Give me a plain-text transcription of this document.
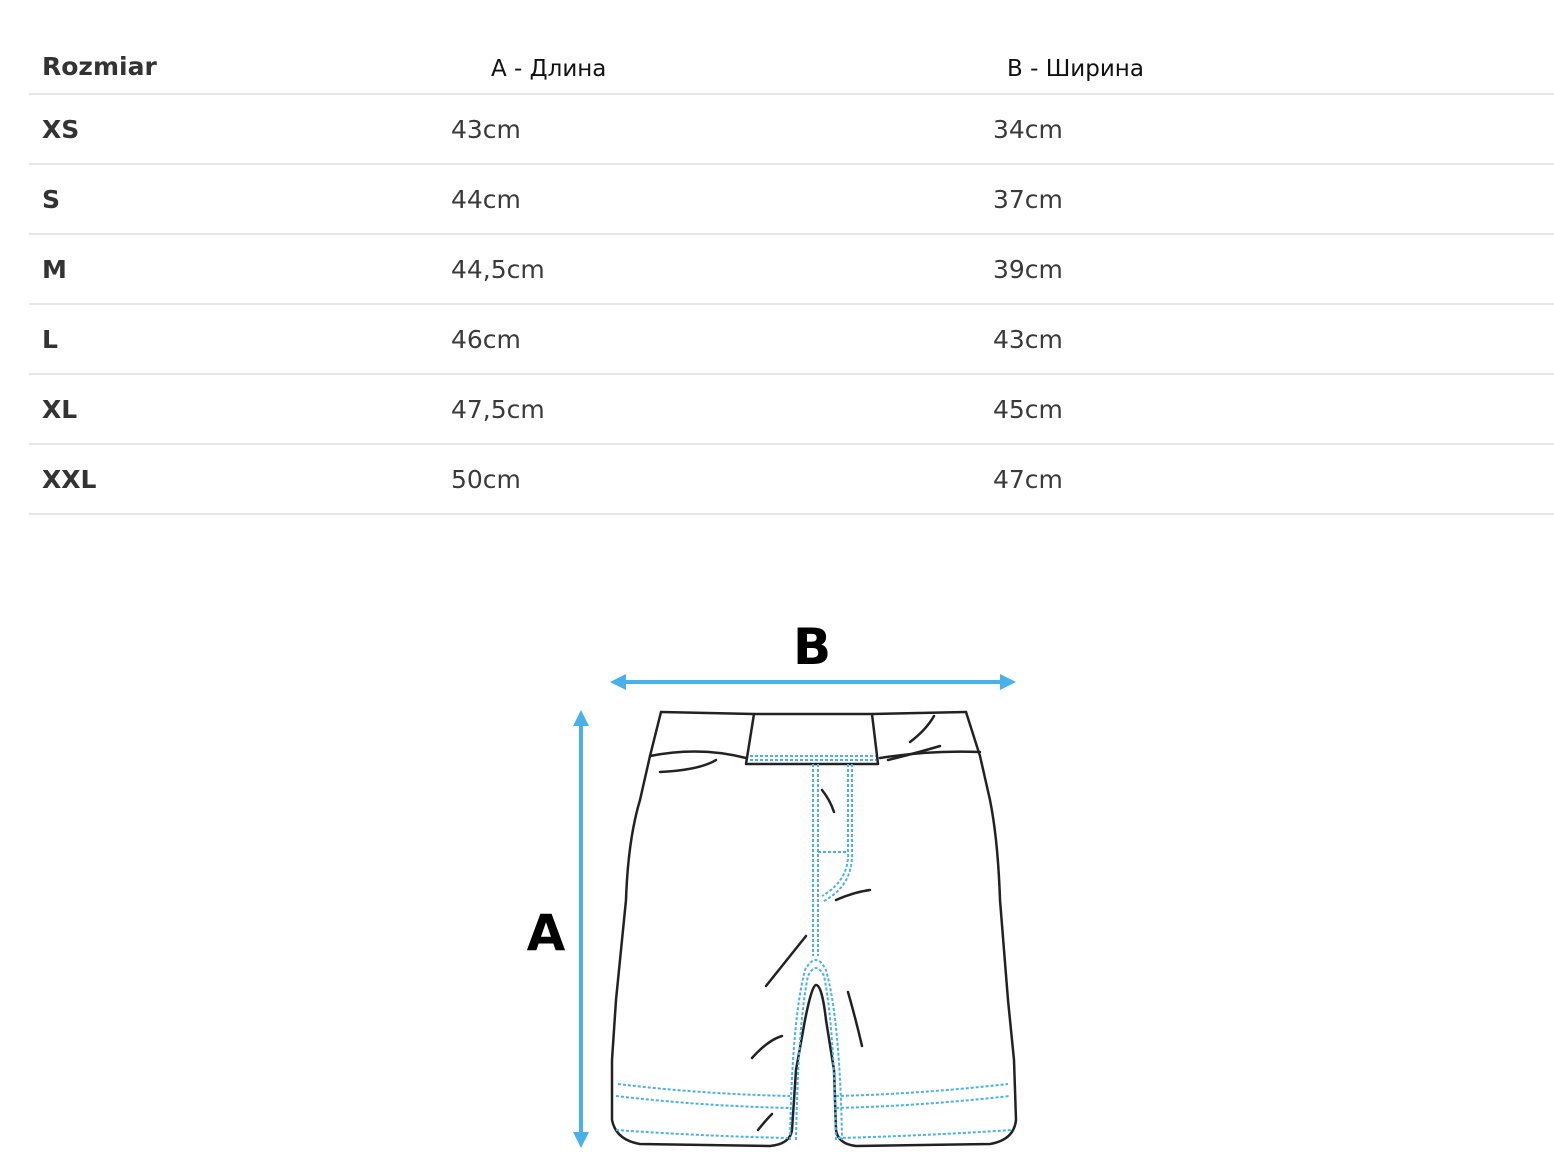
Rozmiar	A - Длина	B - Ширина
XS	43cm	34cm
S	44cm	37cm
M	44,5cm	39cm
L	46cm	43cm
XL	47,5cm	45cm
XXL	50cm	47cm
B
A
